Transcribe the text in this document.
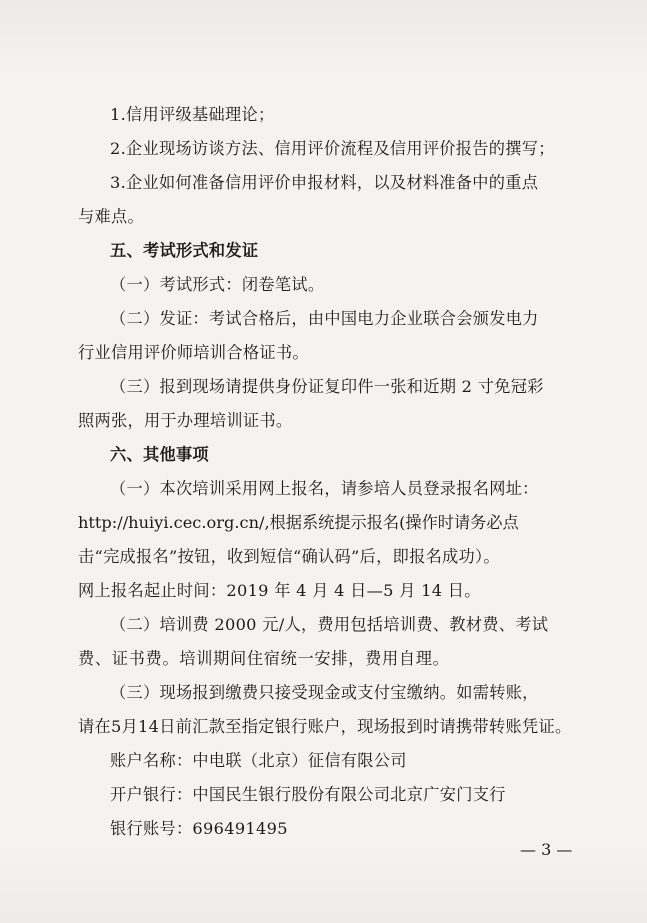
1.信用评级基础理论；
2.企业现场访谈方法、信用评价流程及信用评价报告的撰写；
3.企业如何准备信用评价申报材料，以及材料准备中的重点
与难点。
五、考试形式和发证
（一）考试形式：闭卷笔试。
（二）发证：考试合格后，由中国电力企业联合会颁发电力
行业信用评价师培训合格证书。
（三）报到现场请提供身份证复印件一张和近期 2 寸免冠彩
照两张，用于办理培训证书。
六、其他事项
（一）本次培训采用网上报名，请参培人员登录报名网址：
http://huiyi.cec.org.cn/,根据系统提示报名(操作时请务必点
击“完成报名”按钮，收到短信“确认码”后，即报名成功）。
网上报名起止时间：2019 年 4 月 4 日—5 月 14 日。
（二）培训费 2000 元/人，费用包括培训费、教材费、考试
费、证书费。培训期间住宿统一安排，费用自理。
（三）现场报到缴费只接受现金或支付宝缴纳。如需转账，
请在5月14日前汇款至指定银行账户，现场报到时请携带转账凭证。
账户名称：中电联（北京）征信有限公司
开户银行：中国民生银行股份有限公司北京广安门支行
银行账号：696491495
— 3 —
